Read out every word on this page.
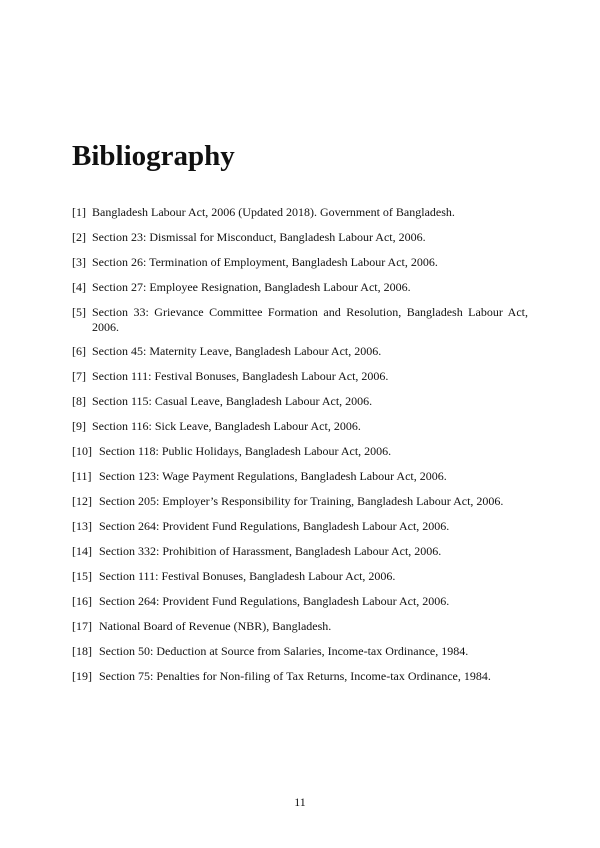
Bibliography
[1] Bangladesh Labour Act, 2006 (Updated 2018). Government of Bangladesh.
[2] Section 23: Dismissal for Misconduct, Bangladesh Labour Act, 2006.
[3] Section 26: Termination of Employment, Bangladesh Labour Act, 2006.
[4] Section 27: Employee Resignation, Bangladesh Labour Act, 2006.
[5] Section 33: Grievance Committee Formation and Resolution, Bangladesh Labour Act, 2006.
[6] Section 45: Maternity Leave, Bangladesh Labour Act, 2006.
[7] Section 111: Festival Bonuses, Bangladesh Labour Act, 2006.
[8] Section 115: Casual Leave, Bangladesh Labour Act, 2006.
[9] Section 116: Sick Leave, Bangladesh Labour Act, 2006.
[10] Section 118: Public Holidays, Bangladesh Labour Act, 2006.
[11] Section 123: Wage Payment Regulations, Bangladesh Labour Act, 2006.
[12] Section 205: Employer’s Responsibility for Training, Bangladesh Labour Act, 2006.
[13] Section 264: Provident Fund Regulations, Bangladesh Labour Act, 2006.
[14] Section 332: Prohibition of Harassment, Bangladesh Labour Act, 2006.
[15] Section 111: Festival Bonuses, Bangladesh Labour Act, 2006.
[16] Section 264: Provident Fund Regulations, Bangladesh Labour Act, 2006.
[17] National Board of Revenue (NBR), Bangladesh.
[18] Section 50: Deduction at Source from Salaries, Income-tax Ordinance, 1984.
[19] Section 75: Penalties for Non-filing of Tax Returns, Income-tax Ordinance, 1984.
11
